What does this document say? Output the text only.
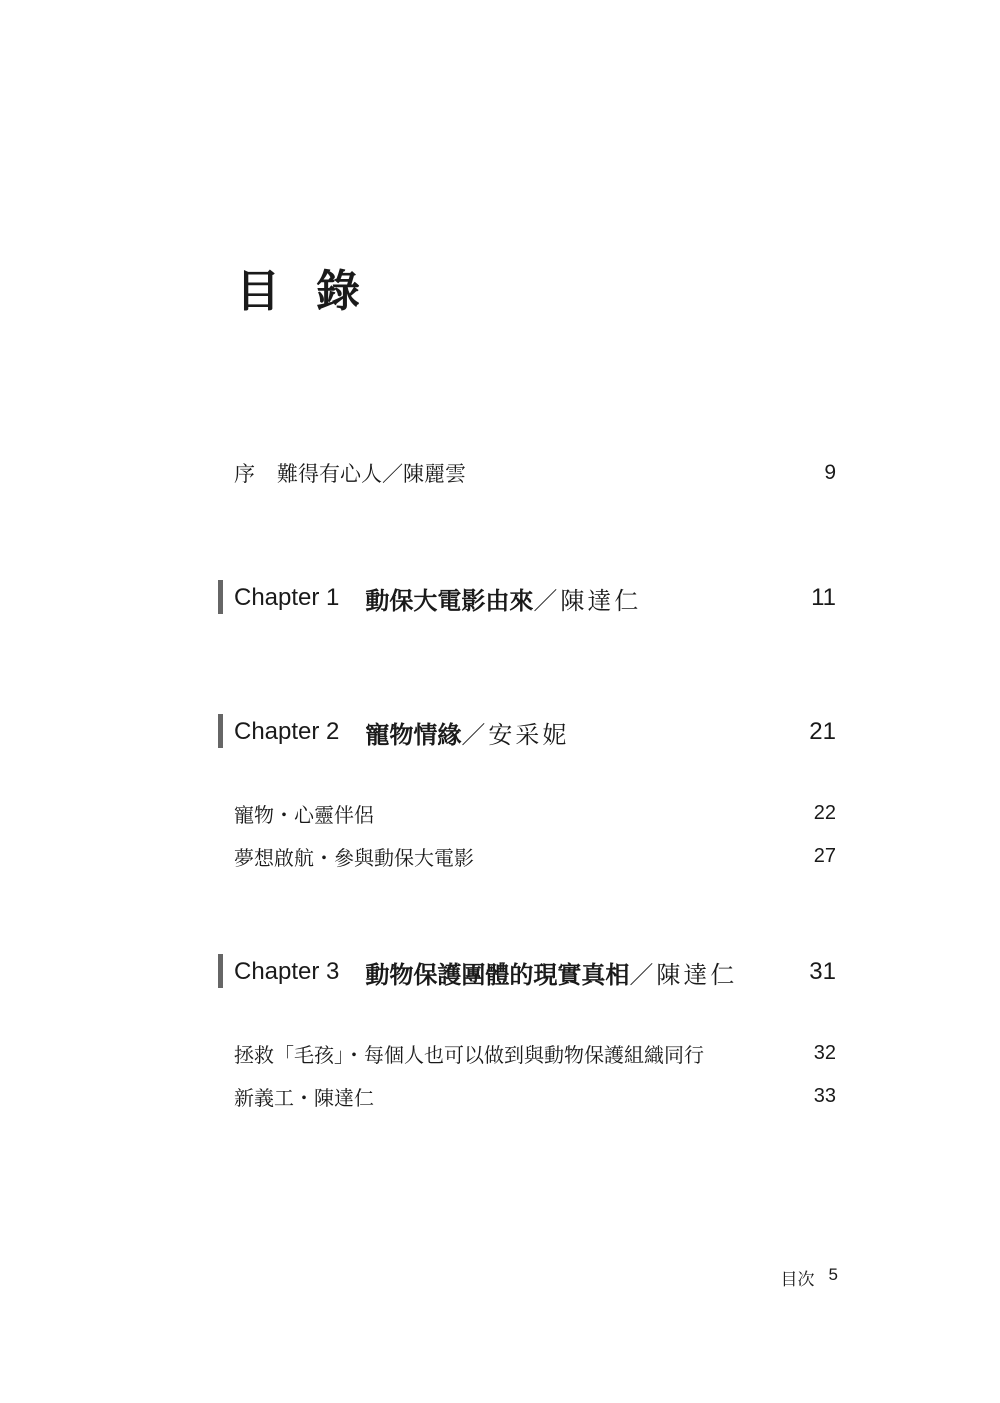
目錄
序 難得有心人／陳麗雲	9
Chapter 1 動保大電影由來 ／陳達仁	11
Chapter 2 寵物情緣 ／安采妮	21
寵物・心靈伴侶	22
夢想啟航・參與動保大電影	27
Chapter 3 動物保護團體的現實真相 ／陳達仁	31
拯救「毛孩」・每個人也可以做到與動物保護組織同行	32
新義工・陳達仁	33
目次 5
